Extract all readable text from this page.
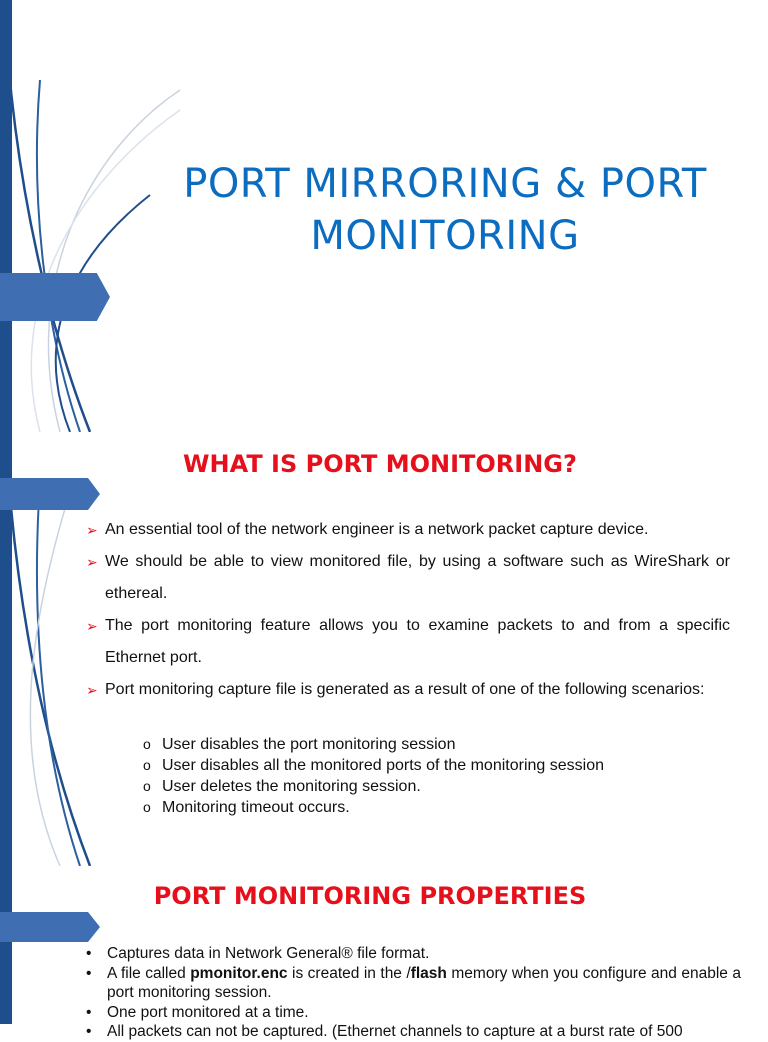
PORT MIRRORING & PORT
MONITORING
WHAT IS PORT MONITORING?
➢ An essential tool of the network engineer is a network packet capture device.
➢ We should be able to view monitored file, by using a software such as WireShark or ethereal.
➢ The port monitoring feature allows you to examine packets to and from a specific Ethernet port.
➢ Port monitoring capture file is generated as a result of one of the following scenarios:
o User disables the port monitoring session
o User disables all the monitored ports of the monitoring session
o User deletes the monitoring session.
o Monitoring timeout occurs.
PORT MONITORING PROPERTIES
• Captures data in Network General® file format.
• A file called pmonitor.enc is created in the /flash memory when you configure and enable a port monitoring session.
• One port monitored at a time.
• All packets can not be captured. (Ethernet channels to capture at a burst rate of 500
